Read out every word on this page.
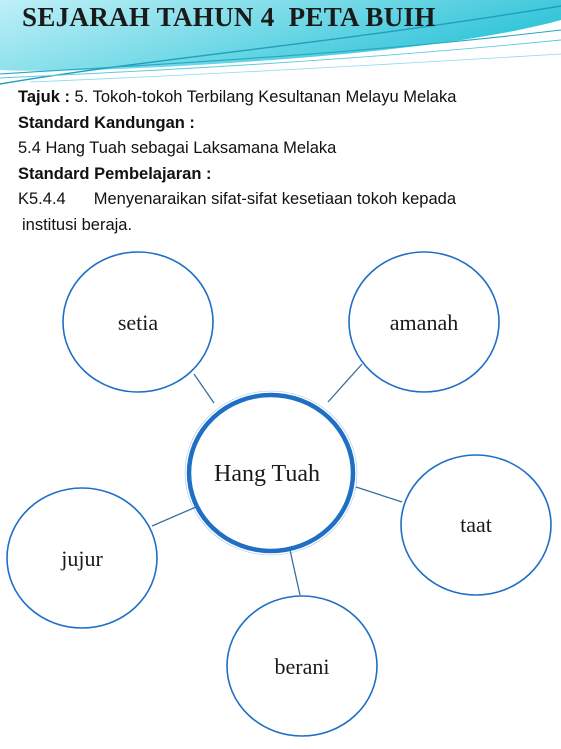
SEJARAH TAHUN 4  PETA BUIH
Tajuk : 5. Tokoh-tokoh Terbilang Kesultanan Melayu Melaka
Standard Kandungan :
5.4 Hang Tuah sebagai Laksamana Melaka
Standard Pembelajaran :
K5.4.4 Menyenaraikan sifat-sifat kesetiaan tokoh kepada
institusi beraja.
setia	amanah
taat
berani
jujur
Hang Tuah
